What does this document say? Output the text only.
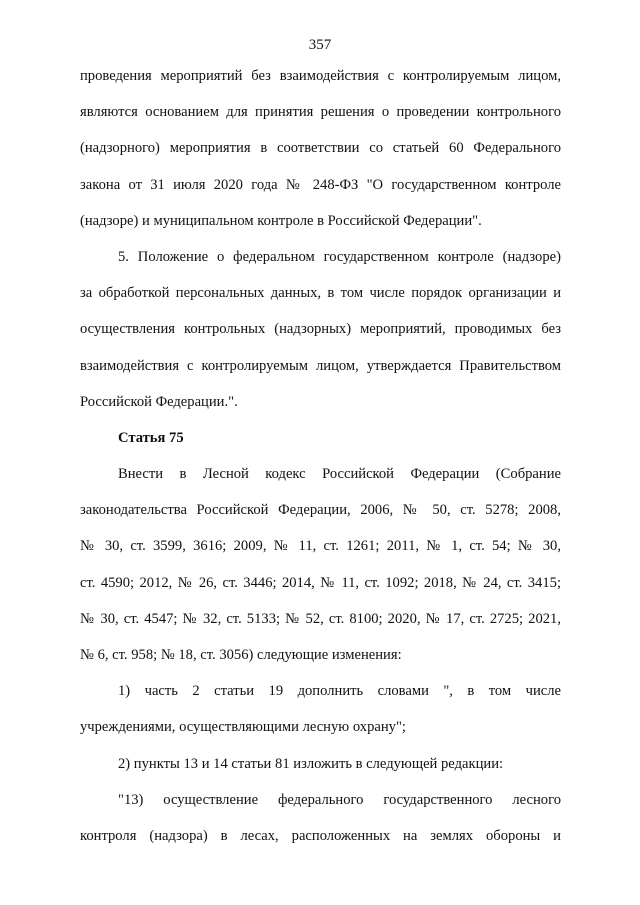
357
проведения мероприятий без взаимодействия с контролируемым лицом,
являются основанием для принятия решения о проведении контрольного
(надзорного) мероприятия в соответствии со статьей 60 Федерального
закона от 31 июля 2020 года № 248-ФЗ "О государственном контроле
(надзоре) и муниципальном контроле в Российской Федерации".
5. Положение о федеральном государственном контроле (надзоре)
за обработкой персональных данных, в том числе порядок организации и
осуществления контрольных (надзорных) мероприятий, проводимых без
взаимодействия с контролируемым лицом, утверждается Правительством
Российской Федерации.".
Статья 75
Внести в Лесной кодекс Российской Федерации (Собрание
законодательства Российской Федерации, 2006, № 50, ст. 5278; 2008,
№ 30, ст. 3599, 3616; 2009, № 11, ст. 1261; 2011, № 1, ст. 54; № 30,
ст. 4590; 2012, № 26, ст. 3446; 2014, № 11, ст. 1092; 2018, № 24, ст. 3415;
№ 30, ст. 4547; № 32, ст. 5133; № 52, ст. 8100; 2020, № 17, ст. 2725; 2021,
№ 6, ст. 958; № 18, ст. 3056) следующие изменения:
1) часть 2 статьи 19 дополнить словами ", в том числе
учреждениями, осуществляющими лесную охрану";
2) пункты 13 и 14 статьи 81 изложить в следующей редакции:
"13) осуществление федерального государственного лесного
контроля (надзора) в лесах, расположенных на землях обороны и
